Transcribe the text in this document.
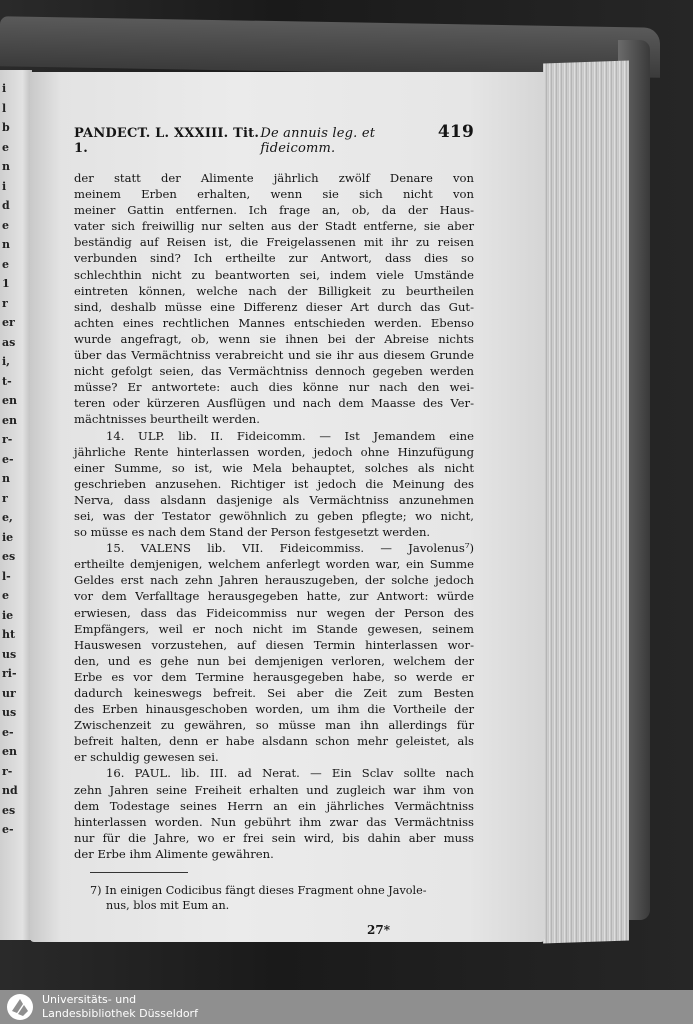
i
l
b
e
n
i
d
e
n
e
1
r
er
as
i,
t-
en
en
r-
e-
n
r
e,
ie
es
l-
e
ie
ht
us
ri-
ur
us
e-
en
r-
nd
es
e-
PANDECT. L. XXXIII. Tit. 1.
De annuis leg. et fideicomm.
419
der statt der Alimente jährlich zwölf Denare von
meinem Erben erhalten, wenn sie sich nicht von
meiner Gattin entfernen. Ich frage an, ob, da der Haus-
vater sich freiwillig nur selten aus der Stadt entferne, sie aber
beständig auf Reisen ist, die Freigelassenen mit ihr zu reisen
verbunden sind? Ich ertheilte zur Antwort, dass dies so
schlechthin nicht zu beantworten sei, indem viele Umstände
eintreten können, welche nach der Billigkeit zu beurtheilen
sind, deshalb müsse eine Differenz dieser Art durch das Gut-
achten eines rechtlichen Mannes entschieden werden. Ebenso
wurde angefragt, ob, wenn sie ihnen bei der Abreise nichts
über das Vermächtniss verabreicht und sie ihr aus diesem Grunde
nicht gefolgt seien, das Vermächtniss dennoch gegeben werden
müsse? Er antwortete: auch dies könne nur nach den wei-
teren oder kürzeren Ausflügen und nach dem Maasse des Ver-
mächtnisses beurtheilt werden.
14. ULP. lib. II. Fideicomm. — Ist Jemandem eine
jährliche Rente hinterlassen worden, jedoch ohne Hinzufügung
einer Summe, so ist, wie Mela behauptet, solches als nicht
geschrieben anzusehen. Richtiger ist jedoch die Meinung des
Nerva, dass alsdann dasjenige als Vermächtniss anzunehmen
sei, was der Testator gewöhnlich zu geben pflegte; wo nicht,
so müsse es nach dem Stand der Person festgesetzt werden.
15. VALENS lib. VII. Fideicommiss. — Javolenus⁷)
ertheilte demjenigen, welchem anferlegt worden war, ein Summe
Geldes erst nach zehn Jahren herauszugeben, der solche jedoch
vor dem Verfalltage herausgegeben hatte, zur Antwort: würde
erwiesen, dass das Fideicommiss nur wegen der Person des
Empfängers, weil er noch nicht im Stande gewesen, seinem
Hauswesen vorzustehen, auf diesen Termin hinterlassen wor-
den, und es gehe nun bei demjenigen verloren, welchem der
Erbe es vor dem Termine herausgegeben habe, so werde er
dadurch keineswegs befreit. Sei aber die Zeit zum Besten
des Erben hinausgeschoben worden, um ihm die Vortheile der
Zwischenzeit zu gewähren, so müsse man ihn allerdings für
befreit halten, denn er habe alsdann schon mehr geleistet, als
er schuldig gewesen sei.
16. PAUL. lib. III. ad Nerat. — Ein Sclav sollte nach
zehn Jahren seine Freiheit erhalten und zugleich war ihm von
dem Todestage seines Herrn an ein jährliches Vermächtniss
hinterlassen worden. Nun gebührt ihm zwar das Vermächtniss
nur für die Jahre, wo er frei sein wird, bis dahin aber muss
der Erbe ihm Alimente gewähren.
7) In einigen Codicibus fängt dieses Fragment ohne Javole-
nus, blos mit Eum an.
27*
Universitäts- und
Landesbibliothek Düsseldorf
